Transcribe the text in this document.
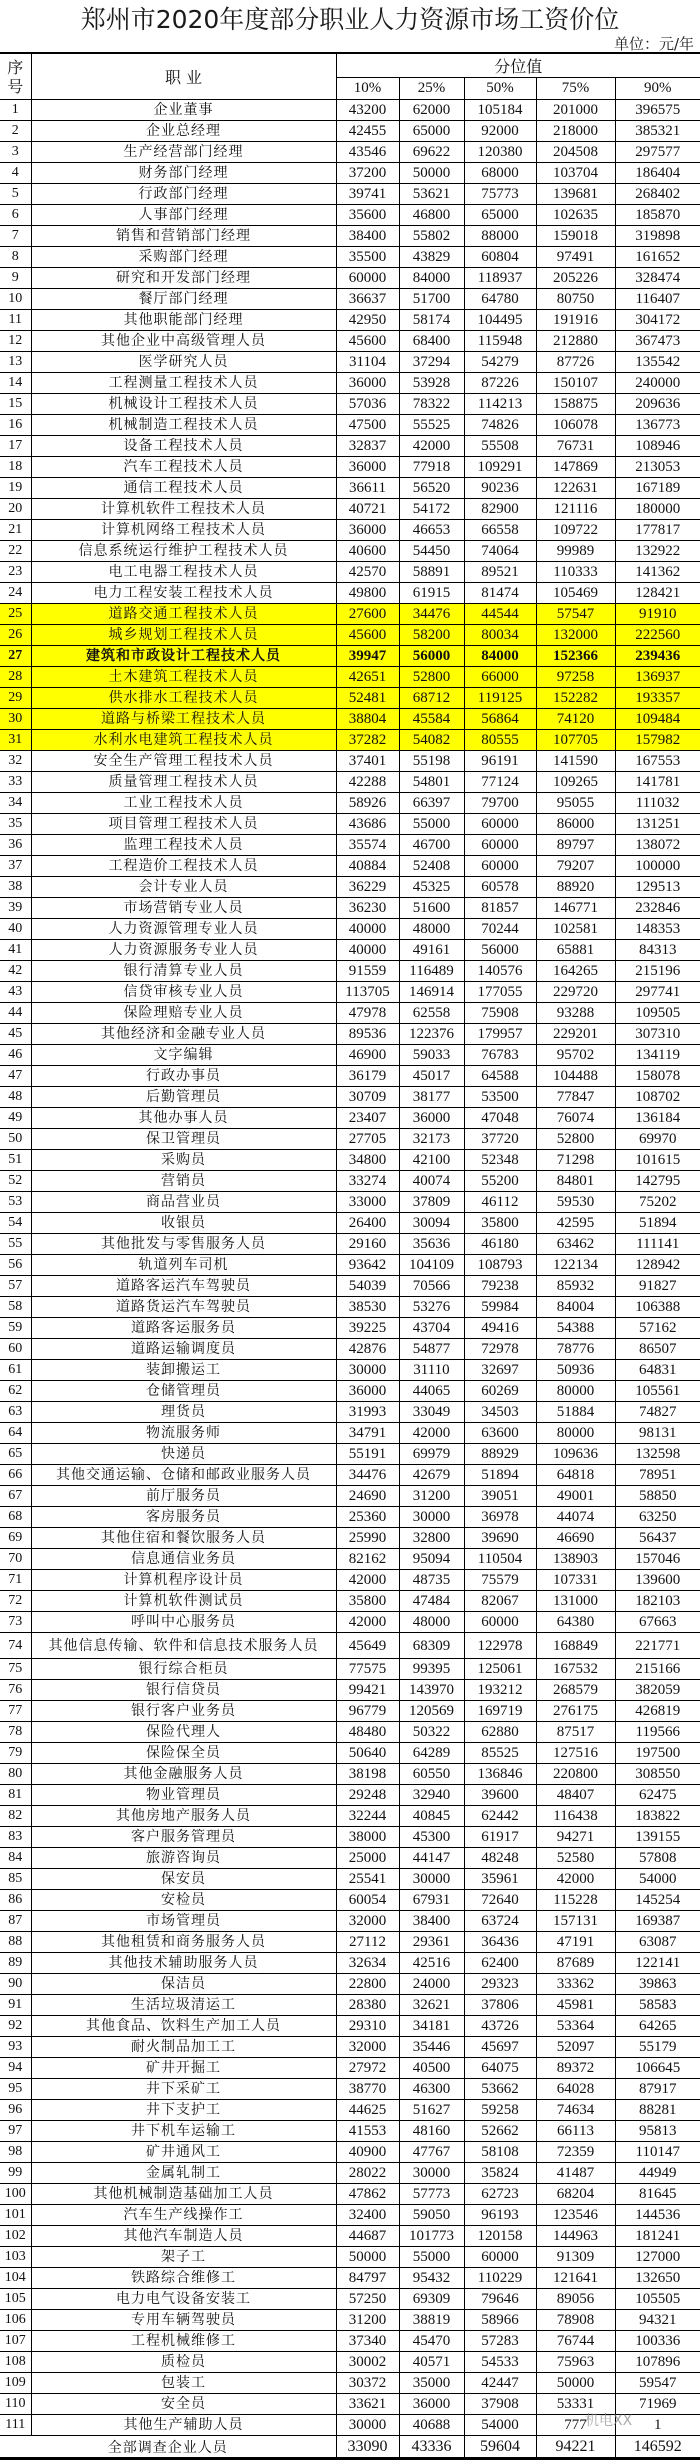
郑州市2020年度部分职业人力资源市场工资价位
单位：元/年
序号	职 业	分位值				
		10%	25%	50%	75%	90%
1	企业董事	43200	62000	105184	201000	396575
2	企业总经理	42455	65000	92000	218000	385321
3	生产经营部门经理	43546	69622	120380	204508	297577
4	财务部门经理	37200	50000	68000	103704	186404
5	行政部门经理	39741	53621	75773	139681	268402
6	人事部门经理	35600	46800	65000	102635	185870
7	销售和营销部门经理	38400	55802	88000	159018	319898
8	采购部门经理	35500	43829	60804	97491	161652
9	研究和开发部门经理	60000	84000	118937	205226	328474
10	餐厅部门经理	36637	51700	64780	80750	116407
11	其他职能部门经理	42950	58174	104495	191916	304172
12	其他企业中高级管理人员	45600	68400	115948	212880	367473
13	医学研究人员	31104	37294	54279	87726	135542
14	工程测量工程技术人员	36000	53928	87226	150107	240000
15	机械设计工程技术人员	57036	78322	114213	158875	209636
16	机械制造工程技术人员	47500	55525	74826	106078	136773
17	设备工程技术人员	32837	42000	55508	76731	108946
18	汽车工程技术人员	36000	77918	109291	147869	213053
19	通信工程技术人员	36611	56520	90236	122631	167189
20	计算机软件工程技术人员	40721	54172	82900	121116	180000
21	计算机网络工程技术人员	36000	46653	66558	109722	177817
22	信息系统运行维护工程技术人员	40600	54450	74064	99989	132922
23	电工电器工程技术人员	42570	58891	89521	110333	141362
24	电力工程安装工程技术人员	49800	61915	81474	105469	128421
25	道路交通工程技术人员	27600	34476	44544	57547	91910
26	城乡规划工程技术人员	45600	58200	80034	132000	222560
27	建筑和市政设计工程技术人员	39947	56000	84000	152366	239436
28	土木建筑工程技术人员	42651	52800	66000	97258	136937
29	供水排水工程技术人员	52481	68712	119125	152282	193357
30	道路与桥梁工程技术人员	38804	45584	56864	74120	109484
31	水利水电建筑工程技术人员	37282	54082	80555	107705	157982
32	安全生产管理工程技术人员	37401	55198	96191	141590	167553
33	质量管理工程技术人员	42288	54801	77124	109265	141781
34	工业工程技术人员	58926	66397	79700	95055	111032
35	项目管理工程技术人员	43686	55000	60000	86000	131251
36	监理工程技术人员	35574	46700	60000	89797	138072
37	工程造价工程技术人员	40884	52408	60000	79207	100000
38	会计专业人员	36229	45325	60578	88920	129513
39	市场营销专业人员	36230	51600	81857	146771	232846
40	人力资源管理专业人员	40000	48000	70244	102581	148353
41	人力资源服务专业人员	40000	49161	56000	65881	84313
42	银行清算专业人员	91559	116489	140576	164265	215196
43	信贷审核专业人员	113705	146914	177055	229720	297741
44	保险理赔专业人员	47978	62558	75908	93288	109505
45	其他经济和金融专业人员	89536	122376	179957	229201	307310
46	文字编辑	46900	59033	76783	95702	134119
47	行政办事员	36179	45017	64588	104488	158078
48	后勤管理员	30709	38177	53500	77847	108702
49	其他办事人员	23407	36000	47048	76074	136184
50	保卫管理员	27705	32173	37720	52800	69970
51	采购员	34800	42100	52348	71298	101615
52	营销员	33274	40074	55200	84801	142795
53	商品营业员	33000	37809	46112	59530	75202
54	收银员	26400	30094	35800	42595	51894
55	其他批发与零售服务人员	29160	35636	46180	63462	111141
56	轨道列车司机	93642	104109	108793	122134	128942
57	道路客运汽车驾驶员	54039	70566	79238	85932	91827
58	道路货运汽车驾驶员	38530	53276	59984	84004	106388
59	道路客运服务员	39225	43704	49416	54388	57162
60	道路运输调度员	42876	54877	72978	78776	86507
61	装卸搬运工	30000	31110	32697	50936	64831
62	仓储管理员	36000	44065	60269	80000	105561
63	理货员	31993	33049	34503	51884	74827
64	物流服务师	34791	42000	63600	80000	98131
65	快递员	55191	69979	88929	109636	132598
66	其他交通运输、仓储和邮政业服务人员	34476	42679	51894	64818	78951
67	前厅服务员	24690	31200	39051	49001	58850
68	客房服务员	25360	30000	36978	44074	63250
69	其他住宿和餐饮服务人员	25990	32800	39690	46690	56437
70	信息通信业务员	82162	95094	110504	138903	157046
71	计算机程序设计员	42000	48735	75579	107331	139600
72	计算机软件测试员	35800	47484	82067	131000	182103
73	呼叫中心服务员	42000	48000	60000	64380	67663
74	其他信息传输、软件和信息技术服务人员	45649	68309	122978	168849	221771
75	银行综合柜员	77575	99395	125061	167532	215166
76	银行信贷员	99421	143970	193212	268579	382059
77	银行客户业务员	96779	120569	169719	276175	426819
78	保险代理人	48480	50322	62880	87517	119566
79	保险保全员	50640	64289	85525	127516	197500
80	其他金融服务人员	38198	60550	136846	220800	308550
81	物业管理员	29248	32940	39600	48407	62475
82	其他房地产服务人员	32244	40845	62442	116438	183822
83	客户服务管理员	38000	45300	61917	94271	139155
84	旅游咨询员	25000	44147	48248	52580	57808
85	保安员	25541	30000	35961	42000	54000
86	安检员	60054	67931	72640	115228	145254
87	市场管理员	32000	38400	63724	157131	169387
88	其他租赁和商务服务人员	27112	29361	36436	47191	63087
89	其他技术辅助服务人员	32634	42516	62400	87689	122141
90	保洁员	22800	24000	29323	33362	39863
91	生活垃圾清运工	28380	32621	37806	45981	58583
92	其他食品、饮料生产加工人员	29310	34181	43726	53364	64265
93	耐火制品加工工	32000	35446	45697	52097	55179
94	矿井开掘工	27972	40500	64075	89372	106645
95	井下采矿工	38770	46300	53662	64028	87917
96	井下支护工	44625	51627	59258	74634	88281
97	井下机车运输工	41553	48160	52662	66113	95813
98	矿井通风工	40900	47767	58108	72359	110147
99	金属轧制工	28022	30000	35824	41487	44949
100	其他机械制造基础加工人员	47862	57773	62723	68204	81645
101	汽车生产线操作工	32400	59050	96193	123546	144536
102	其他汽车制造人员	44687	101773	120158	144963	181241
103	架子工	50000	55000	60000	91309	127000
104	铁路综合维修工	84797	95432	110229	121641	132650
105	电力电气设备安装工	57250	69309	79646	89056	105505
106	专用车辆驾驶员	31200	38819	58966	78908	94321
107	工程机械维修工	37340	45470	57283	76744	100336
108	质检员	30002	40571	54533	75963	107896
109	包装工	30372	35000	42447	50000	59547
110	安全员	33621	36000	37908	53331	71969
111	其他生产辅助人员	30000	40688	54000	777	1
全部调查企业人员		33090	43336	59604	94221	146592
机电XX
